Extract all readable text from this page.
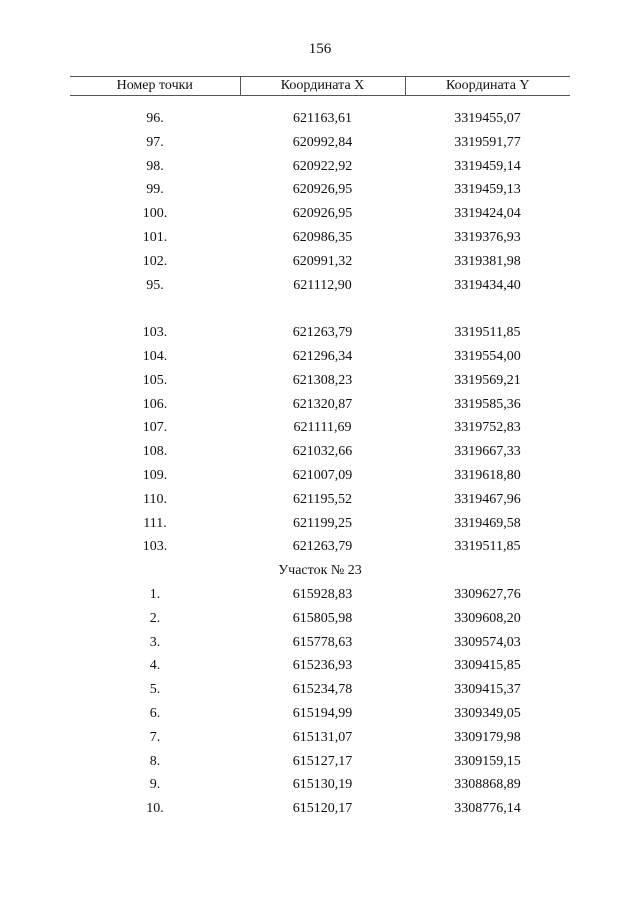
156
Номер точки	Координата X	Координата Y

96.	621163,61	3319455,07
97.	620992,84	3319591,77
98.	620922,92	3319459,14
99.	620926,95	3319459,13
100.	620926,95	3319424,04
101.	620986,35	3319376,93
102.	620991,32	3319381,98
95.	621112,90	3319434,40

103.	621263,79	3319511,85
104.	621296,34	3319554,00
105.	621308,23	3319569,21
106.	621320,87	3319585,36
107.	621111,69	3319752,83
108.	621032,66	3319667,33
109.	621007,09	3319618,80
110.	621195,52	3319467,96
111.	621199,25	3319469,58
103.	621263,79	3319511,85
Участок № 23		
1.	615928,83	3309627,76
2.	615805,98	3309608,20
3.	615778,63	3309574,03
4.	615236,93	3309415,85
5.	615234,78	3309415,37
6.	615194,99	3309349,05
7.	615131,07	3309179,98
8.	615127,17	3309159,15
9.	615130,19	3308868,89
10.	615120,17	3308776,14
